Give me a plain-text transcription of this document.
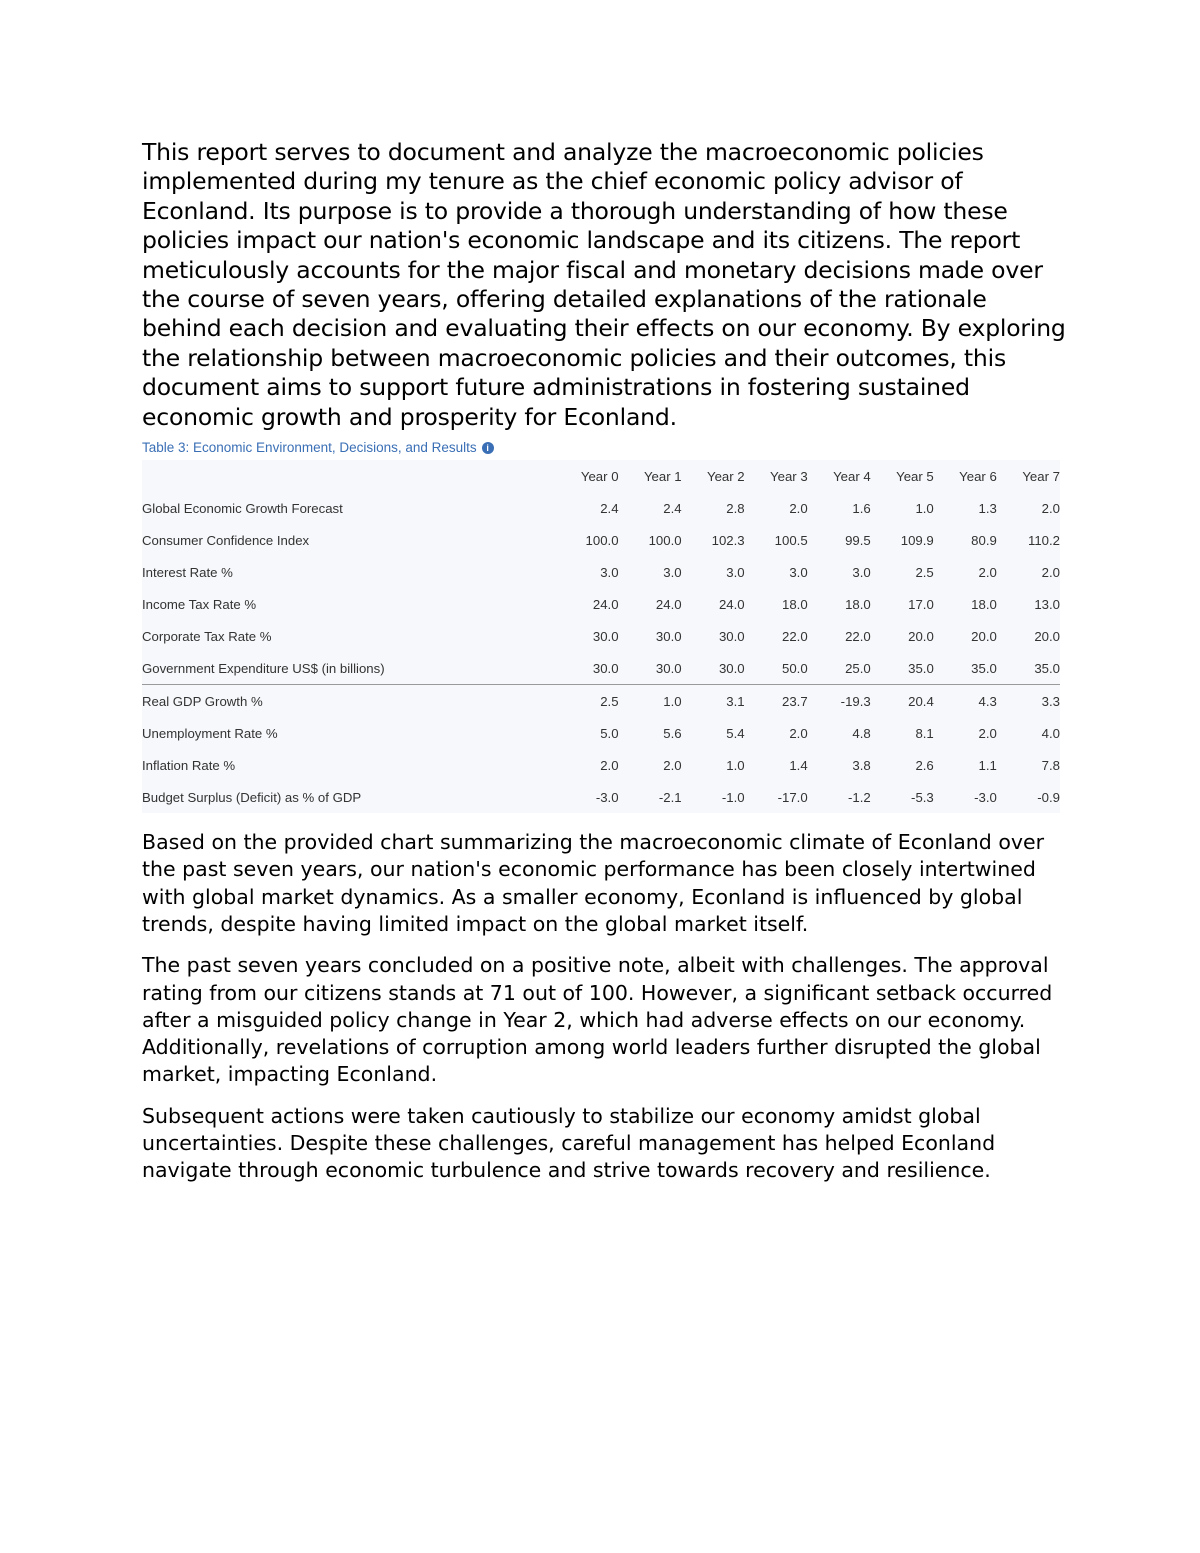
This report serves to document and analyze the macroeconomic policies implemented during my tenure as the chief economic policy advisor of Econland. Its purpose is to provide a thorough understanding of how these policies impact our nation's economic landscape and its citizens. The report meticulously accounts for the major fiscal and monetary decisions made over the course of seven years, offering detailed explanations of the rationale behind each decision and evaluating their effects on our economy. By exploring the relationship between macroeconomic policies and their outcomes, this document aims to support future administrations in fostering sustained economic growth and prosperity for Econland.

Table 3: Economic Environment, Decisions, and Results	i
	Year 0	Year 1	Year 2	Year 3	Year 4	Year 5	Year 6	Year 7
Global Economic Growth Forecast	2.4	2.4	2.8	2.0	1.6	1.0	1.3	2.0
Consumer Confidence Index	100.0	100.0	102.3	100.5	99.5	109.9	80.9	110.2
Interest Rate %	3.0	3.0	3.0	3.0	3.0	2.5	2.0	2.0
Income Tax Rate %	24.0	24.0	24.0	18.0	18.0	17.0	18.0	13.0
Corporate Tax Rate %	30.0	30.0	30.0	22.0	22.0	20.0	20.0	20.0
Government Expenditure US$ (in billions)	30.0	30.0	30.0	50.0	25.0	35.0	35.0	35.0
Real GDP Growth %	2.5	1.0	3.1	23.7	-19.3	20.4	4.3	3.3
Unemployment Rate %	5.0	5.6	5.4	2.0	4.8	8.1	2.0	4.0
Inflation Rate %	2.0	2.0	1.0	1.4	3.8	2.6	1.1	7.8
Budget Surplus (Deficit) as % of GDP	-3.0	-2.1	-1.0	-17.0	-1.2	-5.3	-3.0	-0.9

Based on the provided chart summarizing the macroeconomic climate of Econland over the past seven years, our nation's economic performance has been closely intertwined with global market dynamics. As a smaller economy, Econland is influenced by global trends, despite having limited impact on the global market itself.

The past seven years concluded on a positive note, albeit with challenges. The approval rating from our citizens stands at 71 out of 100. However, a significant setback occurred after a misguided policy change in Year 2, which had adverse effects on our economy. Additionally, revelations of corruption among world leaders further disrupted the global market, impacting Econland.

Subsequent actions were taken cautiously to stabilize our economy amidst global uncertainties. Despite these challenges, careful management has helped Econland navigate through economic turbulence and strive towards recovery and resilience.
